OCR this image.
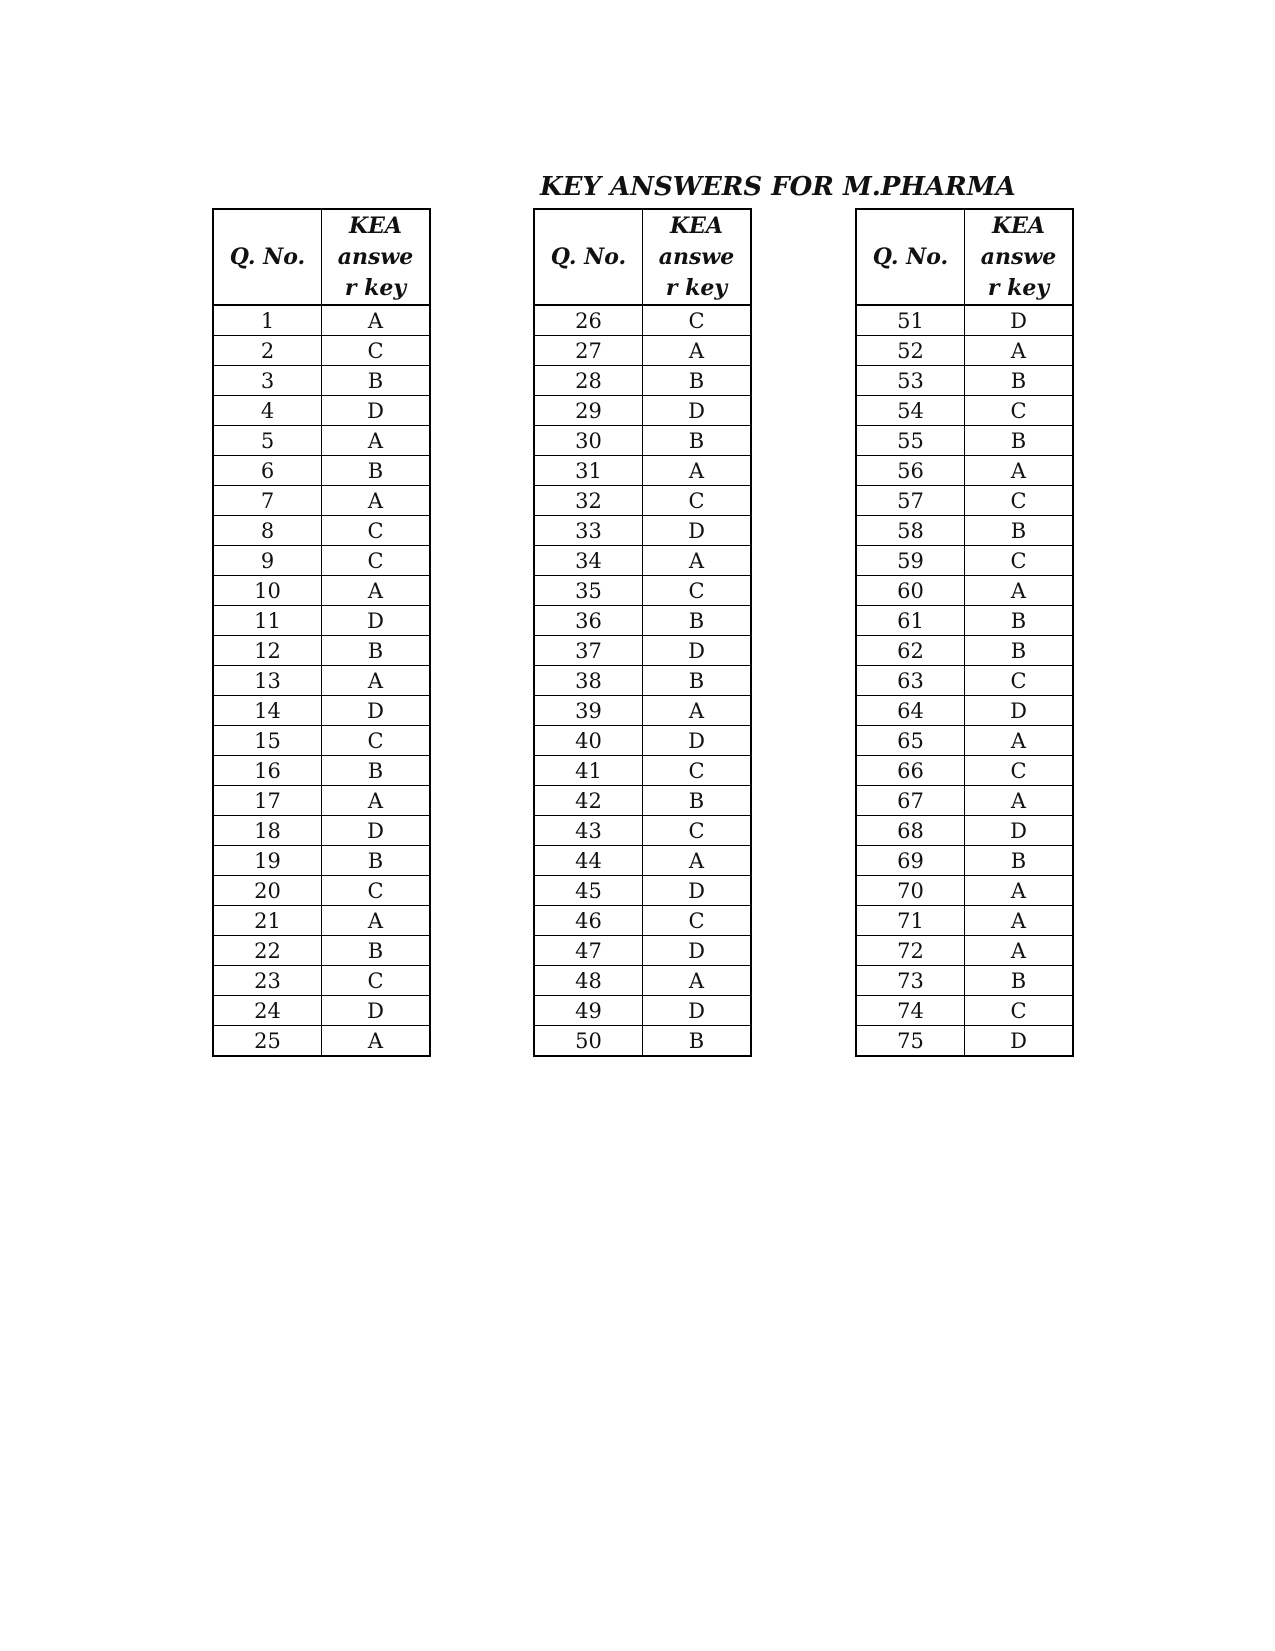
KEY ANSWERS FOR M.PHARMA
Q. No.	KEA
answe
r key

1	A
2	C
3	B
4	D
5	A
6	B
7	A
8	C
9	C
10	A
11	D
12	B
13	A
14	D
15	C
16	B
17	A
18	D
19	B
20	C
21	A
22	B
23	C
24	D
25	A
Q. No.	KEA
answe
r key

26	C
27	A
28	B
29	D
30	B
31	A
32	C
33	D
34	A
35	C
36	B
37	D
38	B
39	A
40	D
41	C
42	B
43	C
44	A
45	D
46	C
47	D
48	A
49	D
50	B
Q. No.	KEA
answe
r key

51	D
52	A
53	B
54	C
55	B
56	A
57	C
58	B
59	C
60	A
61	B
62	B
63	C
64	D
65	A
66	C
67	A
68	D
69	B
70	A
71	A
72	A
73	B
74	C
75	D
